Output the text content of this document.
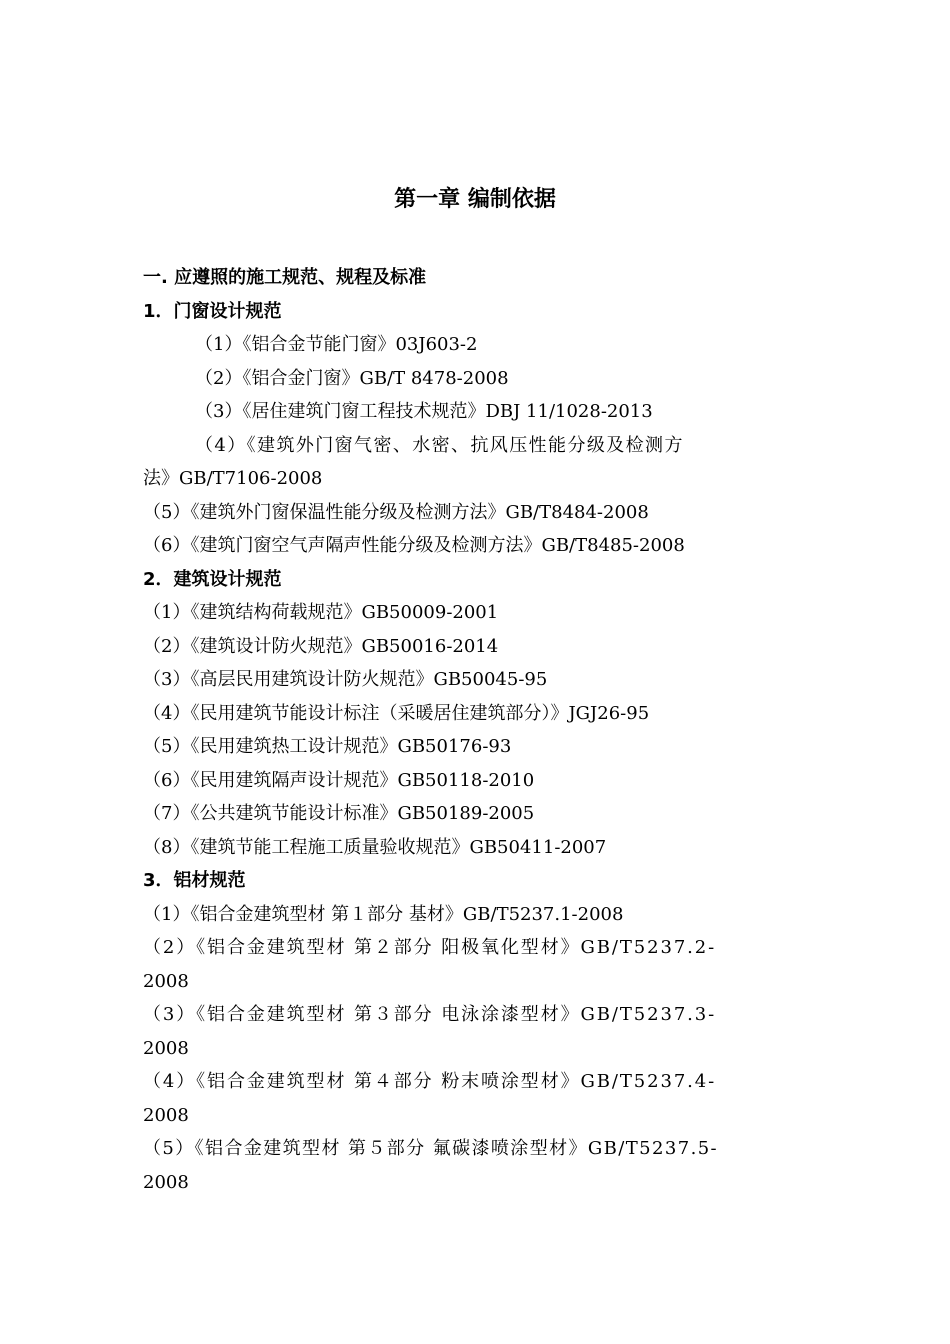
第一章 编制依据
一. 应遵照的施工规范、规程及标准
1．门窗设计规范
（1）《铝合金节能门窗》03J603-2
（2）《铝合金门窗》GB/T 8478-2008
（3）《居住建筑门窗工程技术规范》DBJ 11/1028-2013
（4）《建筑外门窗气密、水密、抗风压性能分级及检测方
法》GB/T7106-2008
（5）《建筑外门窗保温性能分级及检测方法》GB/T8484-2008
（6）《建筑门窗空气声隔声性能分级及检测方法》GB/T8485-2008
2．建筑设计规范
（1）《建筑结构荷载规范》GB50009-2001
（2）《建筑设计防火规范》GB50016-2014
（3）《高层民用建筑设计防火规范》GB50045-95
（4）《民用建筑节能设计标注（采暖居住建筑部分）》JGJ26-95
（5）《民用建筑热工设计规范》GB50176-93
（6）《民用建筑隔声设计规范》GB50118-2010
（7）《公共建筑节能设计标准》GB50189-2005
（8）《建筑节能工程施工质量验收规范》GB50411-2007
3．铝材规范
（1）《铝合金建筑型材 第１部分 基材》GB/T5237.1-2008
（2）《铝合金建筑型材 第２部分 阳极氧化型材》GB/T5237.2-
2008
（3）《铝合金建筑型材 第３部分 电泳涂漆型材》GB/T5237.3-
2008
（4）《铝合金建筑型材 第４部分 粉末喷涂型材》GB/T5237.4-
2008
（5）《铝合金建筑型材 第５部分 氟碳漆喷涂型材》GB/T5237.5-
2008
